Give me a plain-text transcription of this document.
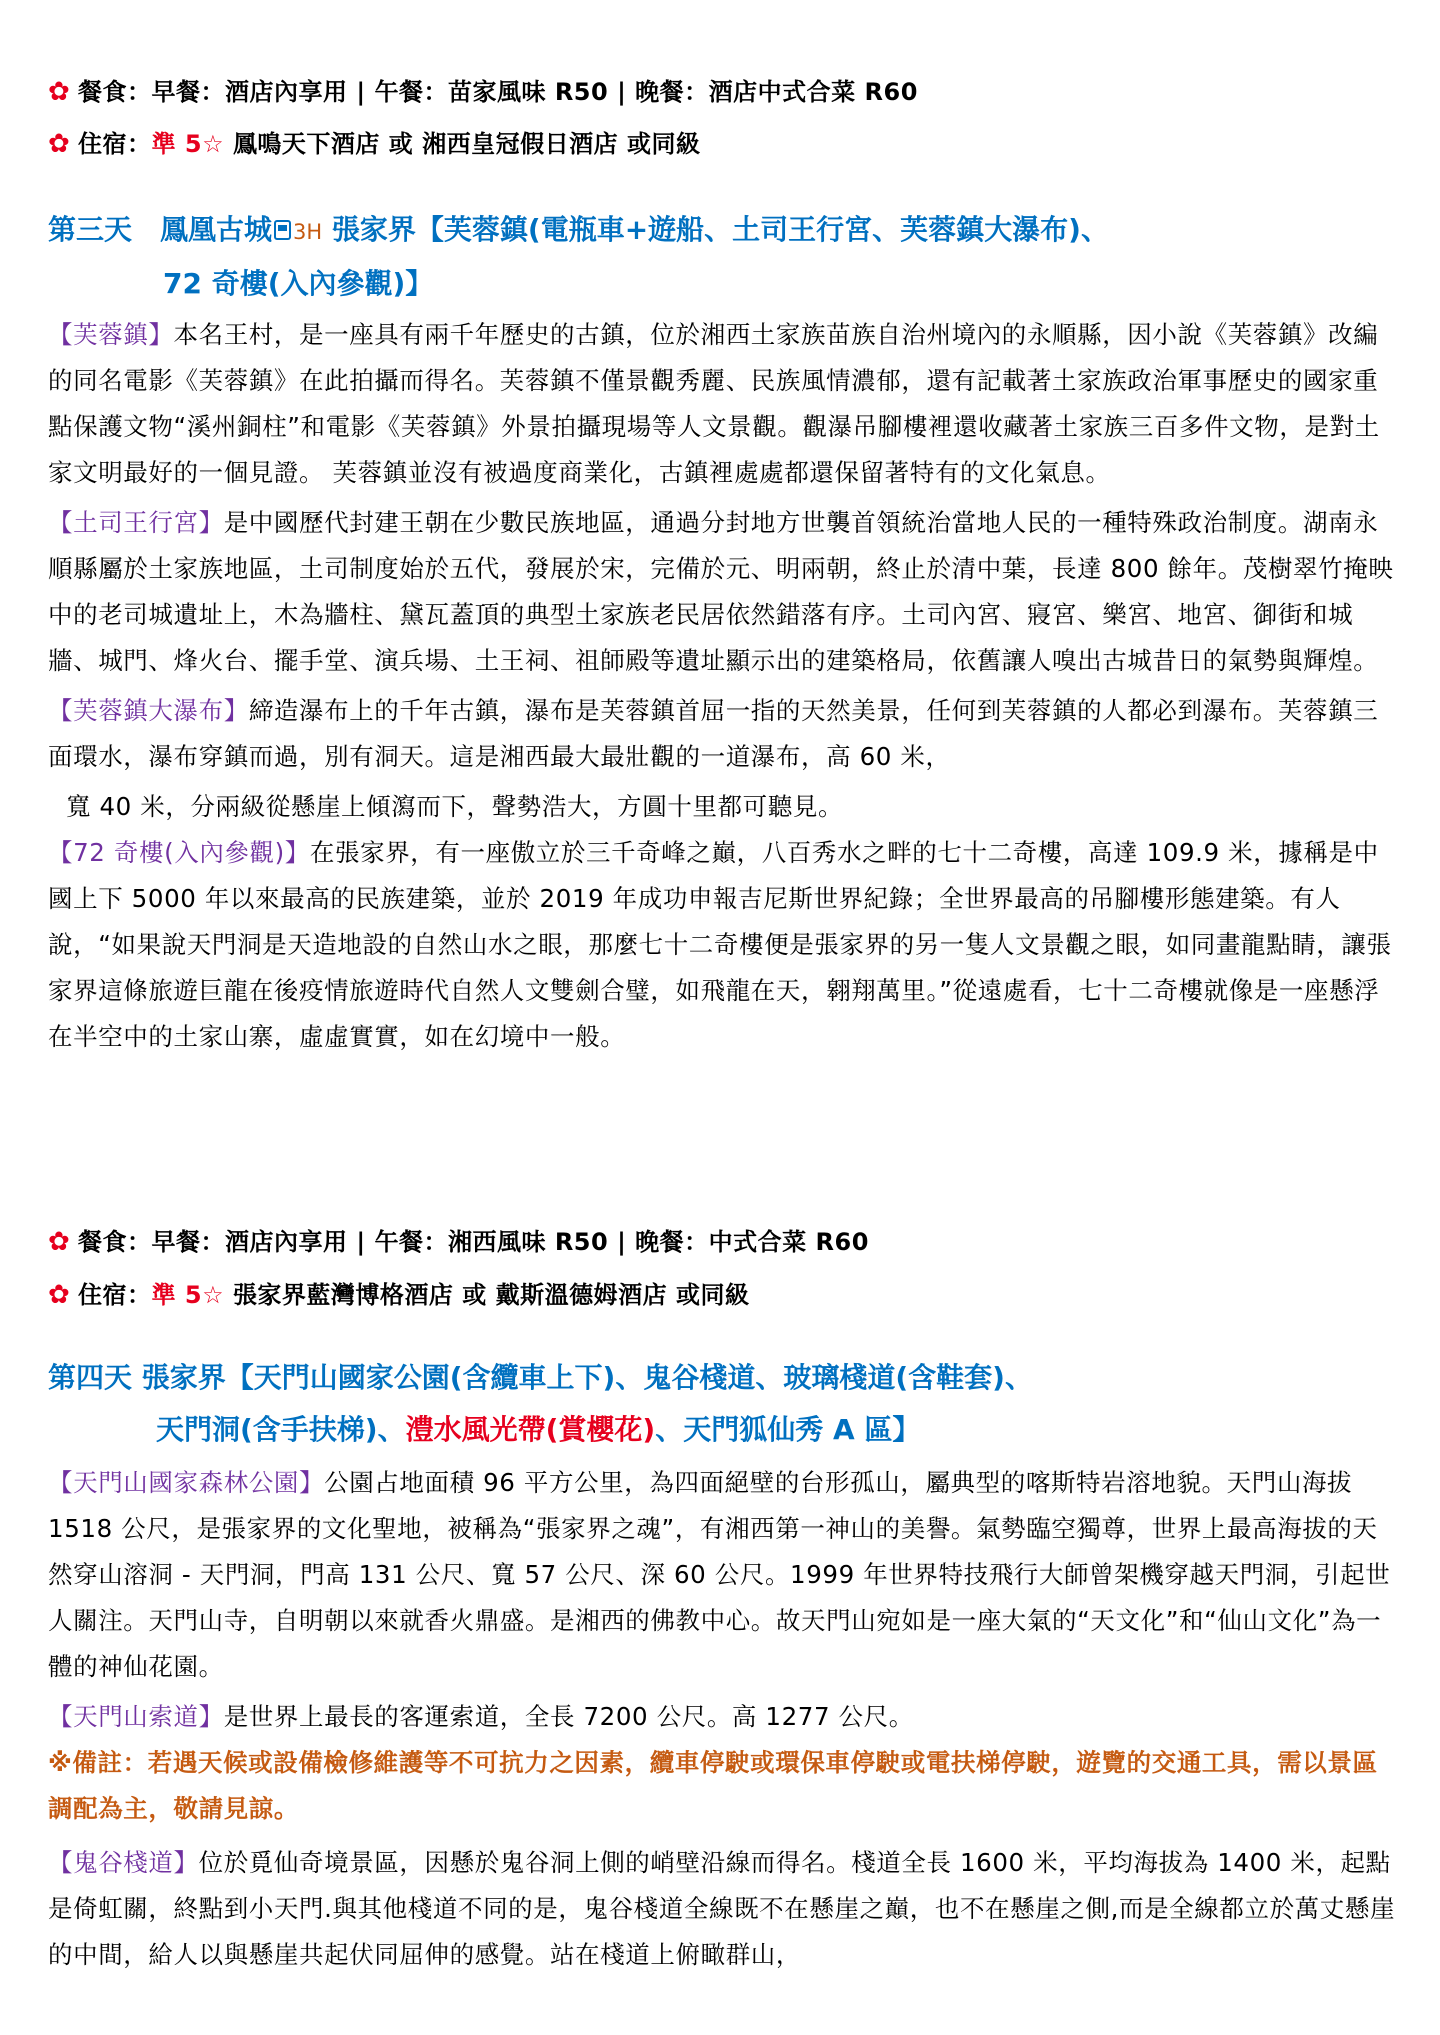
✿ 餐食：早餐：酒店內享用 | 午餐：苗家風味 R50 | 晚餐：酒店中式合菜 R60
✿ 住宿：準 5☆ 鳳鳴天下酒店 或 湘西皇冠假日酒店 或同級
第三天　鳳凰古城 3H 張家界【芙蓉鎮(電瓶車+遊船、土司王行宮、芙蓉鎮大瀑布)、
72 奇樓(入內參觀)】

【芙蓉鎮】本名王村，是一座具有兩千年歷史的古鎮，位於湘西土家族苗族自治州境內的永順縣，因小說《芙蓉鎮》改編的同名電影《芙蓉鎮》在此拍攝而得名。芙蓉鎮不僅景觀秀麗、民族風情濃郁，還有記載著土家族政治軍事歷史的國家重點保護文物“溪州銅柱”和電影《芙蓉鎮》外景拍攝現場等人文景觀。觀瀑吊腳樓裡還收藏著土家族三百多件文物，是對土家文明最好的一個見證。 芙蓉鎮並沒有被過度商業化，古鎮裡處處都還保留著特有的文化氣息。

【土司王行宮】是中國歷代封建王朝在少數民族地區，通過分封地方世襲首領統治當地人民的一種特殊政治制度。湖南永順縣屬於土家族地區，土司制度始於五代，發展於宋，完備於元、明兩朝，終止於清中葉，長達 800 餘年。茂樹翠竹掩映中的老司城遺址上，木為牆柱、黛瓦蓋頂的典型土家族老民居依然錯落有序。土司內宮、寢宮、樂宮、地宮、御街和城牆、城門、烽火台、擺手堂、演兵場、土王祠、祖師殿等遺址顯示出的建築格局，依舊讓人嗅出古城昔日的氣勢與輝煌。

【芙蓉鎮大瀑布】締造瀑布上的千年古鎮，瀑布是芙蓉鎮首屈一指的天然美景，任何到芙蓉鎮的人都必到瀑布。芙蓉鎮三面環水，瀑布穿鎮而過，別有洞天。這是湘西最大最壯觀的一道瀑布，高 60 米，

寬 40 米，分兩級從懸崖上傾瀉而下，聲勢浩大，方圓十里都可聽見。

【72 奇樓(入內參觀)】在張家界，有一座傲立於三千奇峰之巔，八百秀水之畔的七十二奇樓，高達 109.9 米，據稱是中國上下 5000 年以來最高的民族建築，並於 2019 年成功申報吉尼斯世界紀錄；全世界最高的吊腳樓形態建築。有人說，“如果說天門洞是天造地設的自然山水之眼，那麼七十二奇樓便是張家界的另一隻人文景觀之眼，如同畫龍點睛，讓張家界這條旅遊巨龍在後疫情旅遊時代自然人文雙劍合璧，如飛龍在天，翱翔萬里。”從遠處看，七十二奇樓就像是一座懸浮在半空中的土家山寨，虛虛實實，如在幻境中一般。

✿ 餐食：早餐：酒店內享用 | 午餐：湘西風味 R50 | 晚餐：中式合菜 R60
✿ 住宿：準 5☆ 張家界藍灣博格酒店 或 戴斯溫德姆酒店 或同級
第四天 張家界【天門山國家公園(含纜車上下)、鬼谷棧道、玻璃棧道(含鞋套)、
天門洞(含手扶梯)、澧水風光帶(賞櫻花)、天門狐仙秀 A 區】

【天門山國家森林公園】公園占地面積 96 平方公里，為四面絕壁的台形孤山，屬典型的喀斯特岩溶地貌。天門山海拔 1518 公尺，是張家界的文化聖地，被稱為“張家界之魂”，有湘西第一神山的美譽。氣勢臨空獨尊，世界上最高海拔的天然穿山溶洞 - 天門洞，門高 131 公尺、寬 57 公尺、深 60 公尺。1999 年世界特技飛行大師曾架機穿越天門洞，引起世人關注。天門山寺，自明朝以來就香火鼎盛。是湘西的佛教中心。故天門山宛如是一座大氣的“天文化”和“仙山文化”為一體的神仙花園。

【天門山索道】是世界上最長的客運索道，全長 7200 公尺。高 1277 公尺。

※備註：若遇天候或設備檢修維護等不可抗力之因素，纜車停駛或環保車停駛或電扶梯停駛，遊覽的交通工具，需以景區調配為主，敬請見諒。

【鬼谷棧道】位於覓仙奇境景區，因懸於鬼谷洞上側的峭壁沿線而得名。棧道全長 1600 米，平均海拔為 1400 米，起點是倚虹關，終點到小天門.與其他棧道不同的是，鬼谷棧道全線既不在懸崖之巔，也不在懸崖之側,而是全線都立於萬丈懸崖的中間，給人以與懸崖共起伏同屈伸的感覺。站在棧道上俯瞰群山，
